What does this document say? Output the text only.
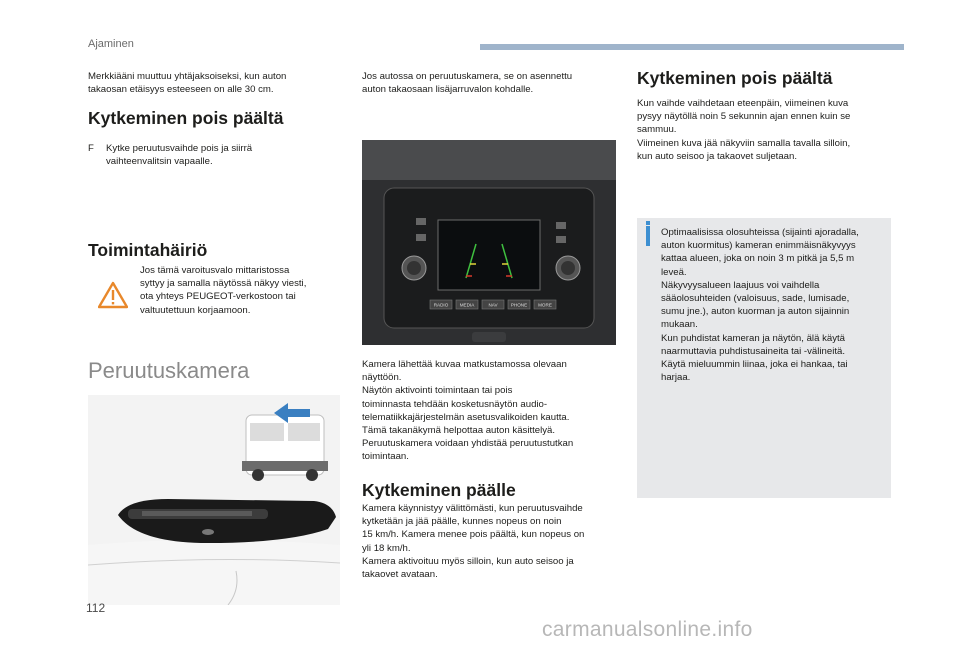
Ajaminen

Merkkiääni muuttuu yhtäjaksoiseksi, kun auton
takaosan etäisyys esteeseen on alle 30 cm.

Kytkeminen pois päältä
F	Kytke peruutusvaihde pois ja siirrä
vaihteenvalitsin vapaalle.

Toimintahäiriö

Jos tämä varoitusvalo mittaristossa
syttyy ja samalla näytössä näkyy viesti,
ota yhteys PEUGEOT-verkostoon tai
valtuutettuun korjaamoon.

Peruutuskamera

Jos autossa on peruutuskamera, se on asennettu
auton takaosaan lisäjarruvalon kohdalle.

RADIO MEDIA	NAV	PHONE MORE

Kamera lähettää kuvaa matkustamossa olevaan
näyttöön.
Näytön aktivointi toimintaan tai pois
toiminnasta tehdään kosketusnäytön audio-
telematiikkajärjestelmän asetusvalikoiden kautta.
Tämä takanäkymä helpottaa auton käsittelyä.
Peruutuskamera voidaan yhdistää peruutustutkan
toimintaan.

Kytkeminen päälle

Kamera käynnistyy välittömästi, kun peruutusvaihde
kytketään ja jää päälle, kunnes nopeus on noin
15 km/h. Kamera menee pois päältä, kun nopeus on
yli 18 km/h.
Kamera aktivoituu myös silloin, kun auto seisoo ja
takaovet avataan.

Kytkeminen pois päältä

Kun vaihde vaihdetaan eteenpäin, viimeinen kuva
pysyy näytöllä noin 5 sekunnin ajan ennen kuin se
sammuu.
Viimeinen kuva jää näkyviin samalla tavalla silloin,
kun auto seisoo ja takaovet suljetaan.

Optimaalisissa olosuhteissa (sijainti ajoradalla,
auton kuormitus) kameran enimmäisnäkyvyys
kattaa alueen, joka on noin 3 m pitkä ja 5,5 m
leveä.
Näkyvyysalueen laajuus voi vaihdella
sääolosuhteiden (valoisuus, sade, lumisade,
sumu jne.), auton kuorman ja auton sijainnin
mukaan.
Kun puhdistat kameran ja näytön, älä käytä
naarmuttavia puhdistusaineita tai -välineitä.
Käytä mieluummin liinaa, joka ei hankaa, tai
harjaa.

112
carmanualsonline.info
